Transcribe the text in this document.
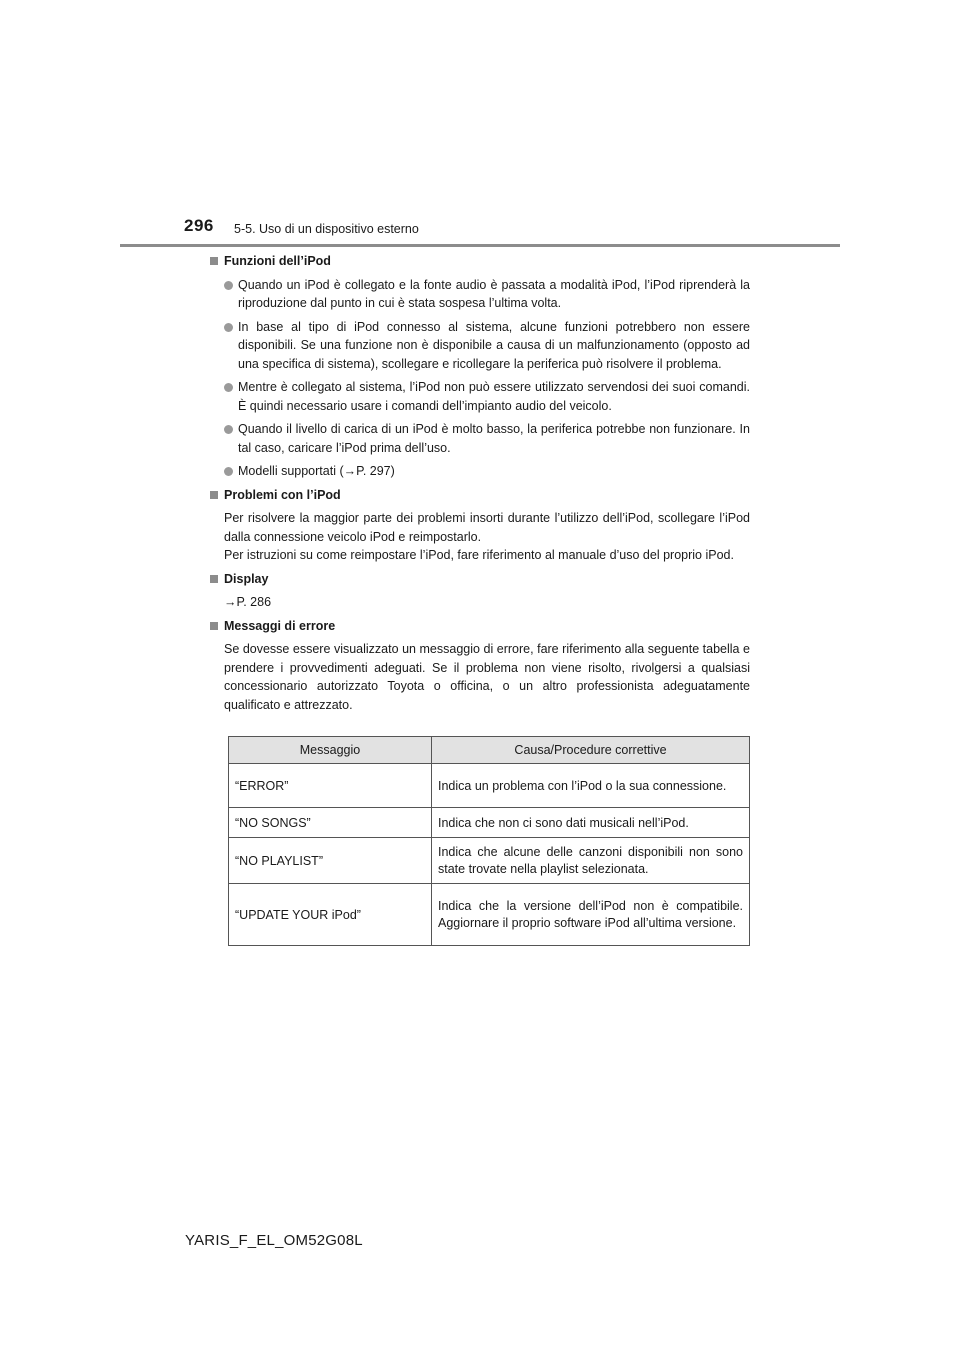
296 5-5. Uso di un dispositivo esterno
Funzioni dell’iPod
Quando un iPod è collegato e la fonte audio è passata a modalità iPod, l’iPod riprenderà la riproduzione dal punto in cui è stata sospesa l’ultima volta.
In base al tipo di iPod connesso al sistema, alcune funzioni potrebbero non essere disponibili. Se una funzione non è disponibile a causa di un malfunzionamento (opposto ad una specifica di sistema), scollegare e ricollegare la periferica può risolvere il problema.
Mentre è collegato al sistema, l’iPod non può essere utilizzato servendosi dei suoi comandi. È quindi necessario usare i comandi dell’impianto audio del veicolo.
Quando il livello di carica di un iPod è molto basso, la periferica potrebbe non funzionare. In tal caso, caricare l’iPod prima dell’uso.
Modelli supportati (→P. 297)
Problemi con l’iPod
Per risolvere la maggior parte dei problemi insorti durante l’utilizzo dell’iPod, scollegare l’iPod dalla connessione veicolo iPod e reimpostarlo.
Per istruzioni su come reimpostare l’iPod, fare riferimento al manuale d’uso del proprio iPod.
Display
→P. 286
Messaggi di errore
Se dovesse essere visualizzato un messaggio di errore, fare riferimento alla seguente tabella e prendere i provvedimenti adeguati. Se il problema non viene risolto, rivolgersi a qualsiasi concessionario autorizzato Toyota o officina, o un altro professionista adeguatamente qualificato e attrezzato.
Messaggio	Causa/Procedure correttive
“ERROR”	Indica un problema con l’iPod o la sua connessione.
“NO SONGS”	Indica che non ci sono dati musicali nell’iPod.
“NO PLAYLIST”	Indica che alcune delle canzoni disponibili non sono state trovate nella playlist selezionata.
“UPDATE YOUR iPod”	Indica che la versione dell’iPod non è compatibile. Aggiornare il proprio software iPod all’ultima versione.
YARIS_F_EL_OM52G08L
